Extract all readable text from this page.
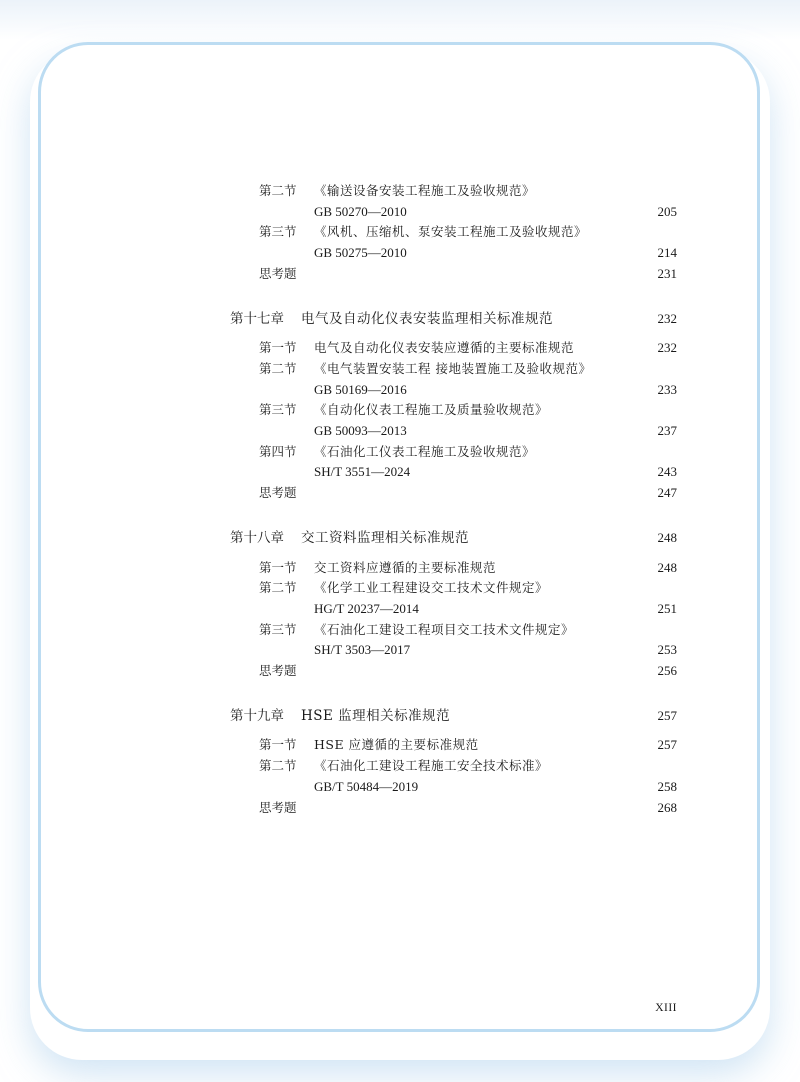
第二节 《输送设备安装工程施工及验收规范》
GB 50270—2010	205
第三节 《风机、压缩机、泵安装工程施工及验收规范》
GB 50275—2010	214
思考题	231
第十七章 电气及自动化仪表安装监理相关标准规范	232
第一节 电气及自动化仪表安装应遵循的主要标准规范	232
第二节 《电气装置安装工程 接地装置施工及验收规范》
GB 50169—2016	233
第三节 《自动化仪表工程施工及质量验收规范》
GB 50093—2013	237
第四节 《石油化工仪表工程施工及验收规范》
SH/T 3551—2024	243
思考题	247
第十八章 交工资料监理相关标准规范	248
第一节 交工资料应遵循的主要标准规范	248
第二节 《化学工业工程建设交工技术文件规定》
HG/T 20237—2014	251
第三节 《石油化工建设工程项目交工技术文件规定》
SH/T 3503—2017	253
思考题	256
第十九章 HSE 监理相关标准规范	257
第一节 HSE 应遵循的主要标准规范	257
第二节 《石油化工建设工程施工安全技术标准》
GB/T 50484—2019	258
思考题	268
XIII
